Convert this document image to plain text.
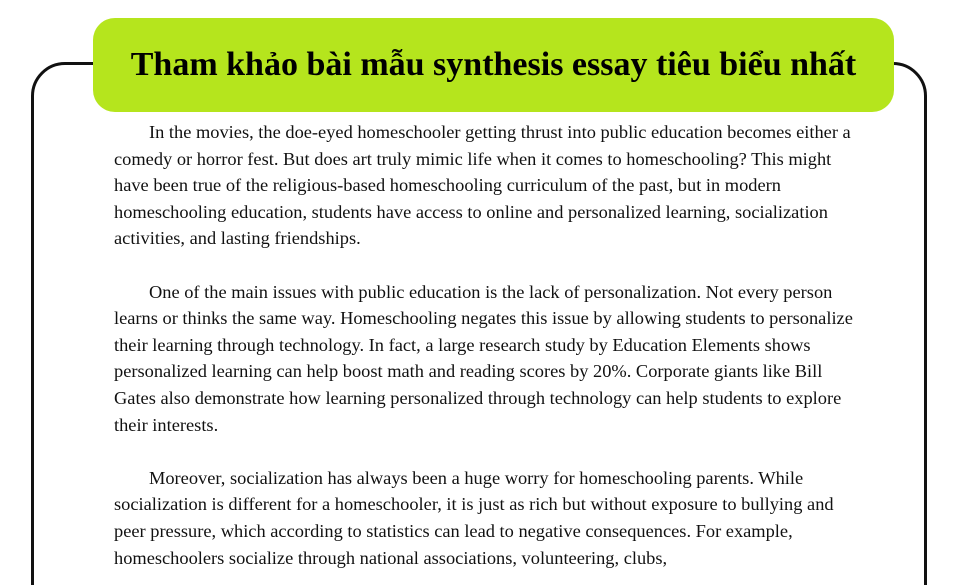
Tham khảo bài mẫu synthesis essay tiêu biểu nhất

In the movies, the doe-eyed homeschooler getting thrust into public education becomes either a comedy or horror fest. But does art truly mimic life when it comes to homeschooling? This might have been true of the religious-based homeschooling curriculum of the past, but in modern homeschooling education, students have access to online and personalized learning, socialization activities, and lasting friendships.

One of the main issues with public education is the lack of personalization. Not every person learns or thinks the same way. Homeschooling negates this issue by allowing students to personalize their learning through technology. In fact, a large research study by Education Elements shows personalized learning can help boost math and reading scores by 20%. Corporate giants like Bill Gates also demonstrate how learning personalized through technology can help students to explore their interests.

Moreover, socialization has always been a huge worry for homeschooling parents. While socialization is different for a homeschooler, it is just as rich but without exposure to bullying and peer pressure, which according to statistics can lead to negative consequences. For example, homeschoolers socialize through national associations, volunteering, clubs,
